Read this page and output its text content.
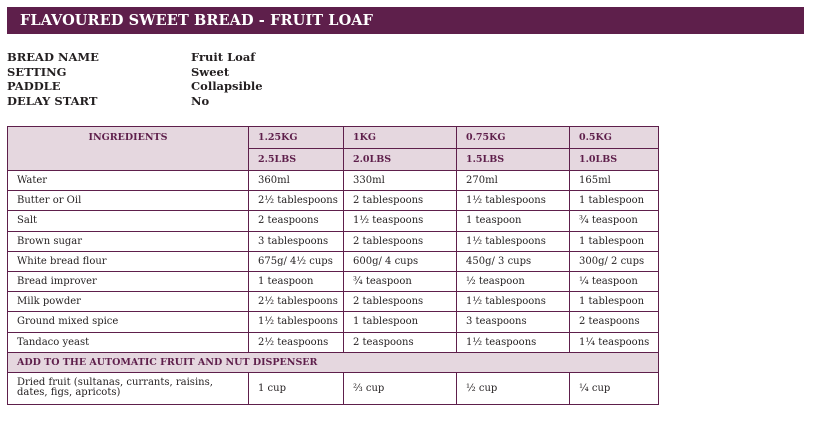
FLAVOURED SWEET BREAD - FRUIT LOAF
BREAD NAME	Fruit Loaf
SETTING	Sweet
PADDLE	Collapsible
DELAY START	No
INGREDIENTS	1.25KG	1KG	0.75KG	0.5KG
	2.5LBS	2.0LBS	1.5LBS	1.0LBS
Water	360ml	330ml	270ml	165ml
Butter or Oil	2½ tablespoons	2 tablespoons	1½ tablespoons	1 tablespoon
Salt	2 teaspoons	1½ teaspoons	1 teaspoon	¾ teaspoon
Brown sugar	3 tablespoons	2 tablespoons	1½ tablespoons	1 tablespoon
White bread flour	675g/ 4½ cups	600g/ 4 cups	450g/ 3 cups	300g/ 2 cups
Bread improver	1 teaspoon	¾ teaspoon	½ teaspoon	¼ teaspoon
Milk powder	2½ tablespoons	2 tablespoons	1½ tablespoons	1 tablespoon
Ground mixed spice	1½ tablespoons	1 tablespoon	3 teaspoons	2 teaspoons
Tandaco yeast	2½ teaspoons	2 teaspoons	1½ teaspoons	1¼ teaspoons
ADD TO THE AUTOMATIC FRUIT AND NUT DISPENSER				

Dried fruit (sultanas, currants, raisins, dates, figs, apricots)	1 cup	⅔ cup	½ cup	¼ cup
